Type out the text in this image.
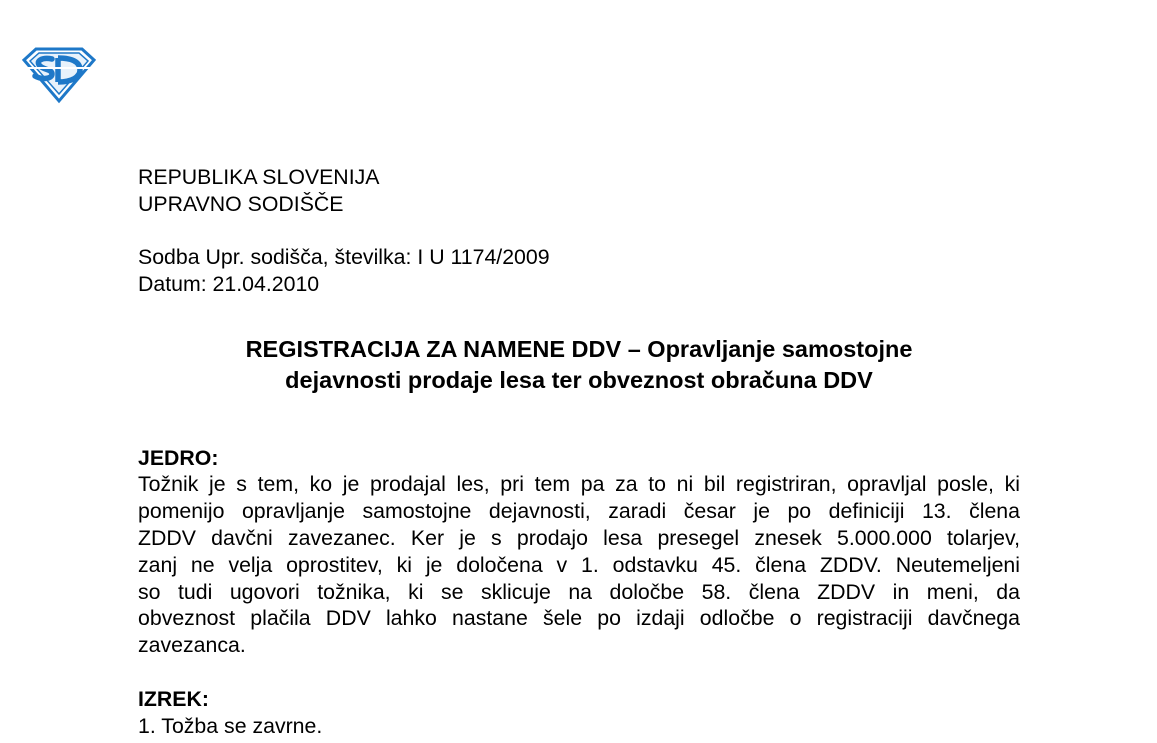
REPUBLIKA SLOVENIJA
UPRAVNO SODIŠČE
Sodba Upr. sodišča, številka: I U 1174/2009
Datum: 21.04.2010
REGISTRACIJA ZA NAMENE DDV – Opravljanje samostojne
dejavnosti prodaje lesa ter obveznost obračuna DDV
JEDRO:
Tožnik je s tem, ko je prodajal les, pri tem pa za to ni bil registriran, opravljal posle, ki
pomenijo opravljanje samostojne dejavnosti, zaradi česar je po definiciji 13. člena
ZDDV davčni zavezanec. Ker je s prodajo lesa presegel znesek 5.000.000 tolarjev,
zanj ne velja oprostitev, ki je določena v 1. odstavku 45. člena ZDDV. Neutemeljeni
so tudi ugovori tožnika, ki se sklicuje na določbe 58. člena ZDDV in meni, da
obveznost plačila DDV lahko nastane šele po izdaji odločbe o registraciji davčnega
zavezanca.
IZREK:
1. Tožba se zavrne.
